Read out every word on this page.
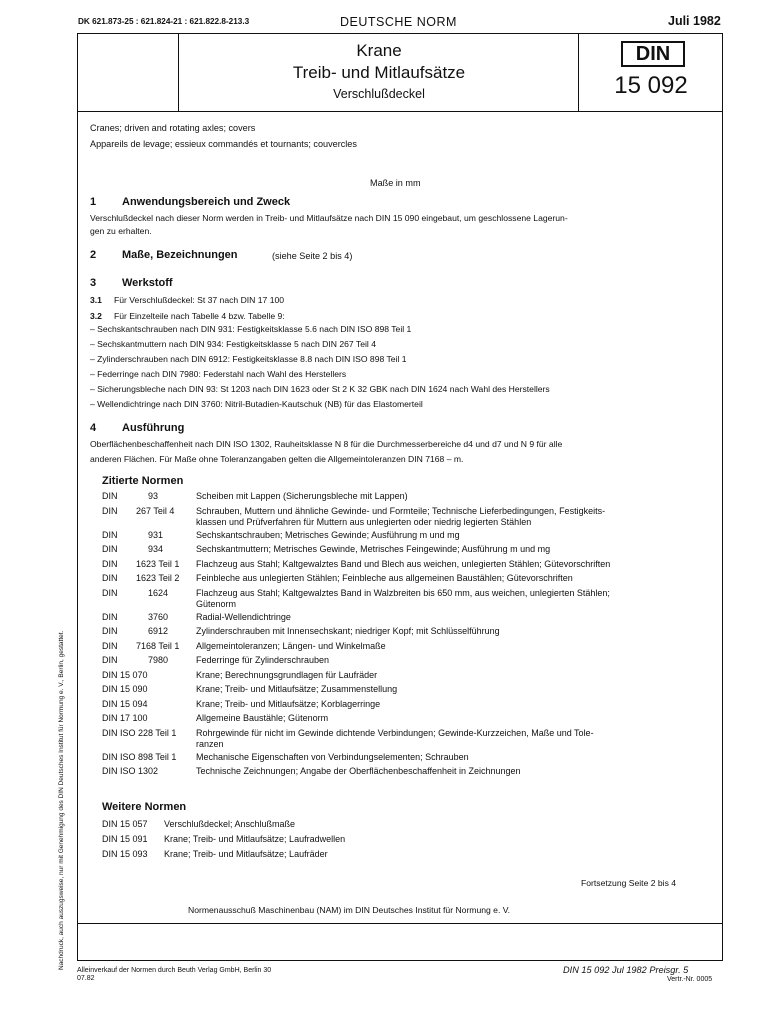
DK 621.873-25 : 621.824-21 : 621.822.8-213.3	DEUTSCHE NORM	Juli 1982
Krane
Treib- und Mitlaufsätze
Verschlußdeckel
DIN
15 092
Cranes; driven and rotating axles; covers
Appareils de levage; essieux commandés et tournants; couvercles
Maße in mm
1 Anwendungsbereich und Zweck
Verschlußdeckel nach dieser Norm werden in Treib- und Mitlaufsätze nach DIN 15 090 eingebaut, um geschlossene Lagerun-
gen zu erhalten.
2 Maße, Bezeichnungen	(siehe Seite 2 bis 4)
3 Werkstoff
3.1 Für Verschlußdeckel: St 37 nach DIN 17 100
3.2 Für Einzelteile nach Tabelle 4 bzw. Tabelle 9:
– Sechskantschrauben nach DIN 931: Festigkeitsklasse 5.6 nach DIN ISO 898 Teil 1
– Sechskantmuttern nach DIN 934: Festigkeitsklasse 5 nach DIN 267 Teil 4
– Zylinderschrauben nach DIN 6912: Festigkeitsklasse 8.8 nach DIN ISO 898 Teil 1
– Federringe nach DIN 7980: Federstahl nach Wahl des Herstellers
– Sicherungsbleche nach DIN 93: St 1203 nach DIN 1623 oder St 2 K 32 GBK nach DIN 1624 nach Wahl des Herstellers
– Wellendichtringe nach DIN 3760: Nitril-Butadien-Kautschuk (NB) für das Elastomerteil
4 Ausführung
Oberflächenbeschaffenheit nach DIN ISO 1302, Rauheitsklasse N 8 für die Durchmesserbereiche d4 und d7 und N 9 für alle
anderen Flächen. Für Maße ohne Toleranzangaben gelten die Allgemeintoleranzen DIN 7168 – m.
Zitierte Normen
DIN	93	Scheiben mit Lappen (Sicherungsbleche mit Lappen)
DIN 267 Teil 4 Schrauben, Muttern und ähnliche Gewinde- und Formteile; Technische Lieferbedingungen, Festigkeits-
klassen und Prüfverfahren für Muttern aus unlegierten oder niedrig legierten Stählen
DIN	931	Sechskantschrauben; Metrisches Gewinde; Ausführung m und mg
DIN	934	Sechskantmuttern; Metrisches Gewinde, Metrisches Feingewinde; Ausführung m und mg
DIN 1623 Teil 1 Flachzeug aus Stahl; Kaltgewalztes Band und Blech aus weichen, unlegierten Stählen; Gütevorschriften
DIN 1623 Teil 2 Feinbleche aus unlegierten Stählen; Feinbleche aus allgemeinen Baustählen; Gütevorschriften
DIN	1624	Flachzeug aus Stahl; Kaltgewalztes Band in Walzbreiten bis 650 mm, aus weichen, unlegierten Stählen;
Gütenorm
DIN	3760	Radial-Wellendichtringe
DIN	6912	Zylinderschrauben mit Innensechskant; niedriger Kopf; mit Schlüsselführung
DIN 7168 Teil 1 Allgemeintoleranzen; Längen- und Winkelmaße
DIN	7980	Federringe für Zylinderschrauben
DIN 15 070	Krane; Berechnungsgrundlagen für Laufräder
DIN 15 090	Krane; Treib- und Mitlaufsätze; Zusammenstellung
DIN 15 094	Krane; Treib- und Mitlaufsätze; Korblagerringe
DIN 17 100	Allgemeine Baustähle; Gütenorm
DIN ISO 228 Teil 1 Rohrgewinde für nicht im Gewinde dichtende Verbindungen; Gewinde-Kurzzeichen, Maße und Tole-
ranzen
DIN ISO 898 Teil 1 Mechanische Eigenschaften von Verbindungselementen; Schrauben
DIN ISO 1302	Technische Zeichnungen; Angabe der Oberflächenbeschaffenheit in Zeichnungen
Weitere Normen
DIN 15 057 Verschlußdeckel; Anschlußmaße
DIN 15 091 Krane; Treib- und Mitlaufsätze; Laufradwellen
DIN 15 093 Krane; Treib- und Mitlaufsätze; Laufräder
Fortsetzung Seite 2 bis 4
Normenausschuß Maschinenbau (NAM) im DIN Deutsches Institut für Normung e. V.
Nachdruck, auch auszugsweise, nur mit Genehmigung des DIN Deutsches Institut für Normung e. V., Berlin, gestattet.
Alleinverkauf der Normen durch Beuth Verlag GmbH, Berlin 30
07.82
DIN 15 092 Jul 1982 Preisgr. 5
Vertr.-Nr. 0005
